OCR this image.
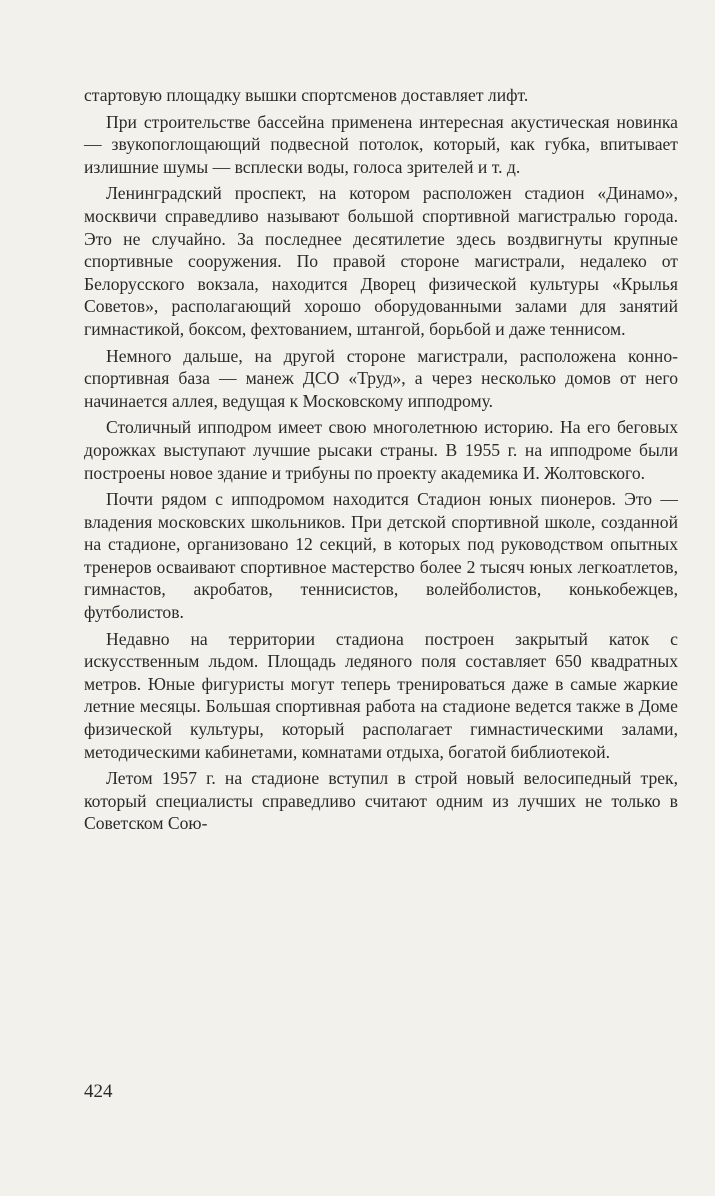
стартовую площадку вышки спортсменов доставляет лифт.

При строительстве бассейна применена интересная акустическая новинка — звукопоглощающий подвесной потолок, который, как губка, впитывает излишние шумы — всплески воды, голоса зрителей и т. д.

Ленинградский проспект, на котором расположен стадион «Динамо», москвичи справедливо называют большой спортивной магистралью города. Это не случайно. За последнее десятилетие здесь воздвигнуты крупные спортивные сооружения. По правой стороне магистрали, недалеко от Белорусского вокзала, находится Дворец физической культуры «Крылья Советов», располагающий хорошо оборудованными залами для занятий гимнастикой, боксом, фехтованием, штангой, борьбой и даже теннисом.

Немного дальше, на другой стороне магистрали, расположена конно-спортивная база — манеж ДСО «Труд», а через несколько домов от него начинается аллея, ведущая к Московскому ипподрому.

Столичный ипподром имеет свою многолетнюю историю. На его беговых дорожках выступают лучшие рысаки страны. В 1955 г. на ипподроме были построены новое здание и трибуны по проекту академика И. Жолтовского.

Почти рядом с ипподромом находится Стадион юных пионеров. Это — владения московских школьников. При детской спортивной школе, созданной на стадионе, организовано 12 секций, в которых под руководством опытных тренеров осваивают спортивное мастерство более 2 тысяч юных легкоатлетов, гимнастов, акробатов, теннисистов, волейболистов, конькобежцев, футболистов.

Недавно на территории стадиона построен закрытый каток с искусственным льдом. Площадь ледяного поля составляет 650 квадратных метров. Юные фигуристы могут теперь тренироваться даже в самые жаркие летние месяцы. Большая спортивная работа на стадионе ведется также в Доме физической культуры, который располагает гимнастическими залами, методическими кабинетами, комнатами отдыха, богатой библиотекой.

Летом 1957 г. на стадионе вступил в строй новый велосипедный трек, который специалисты справедливо считают одним из лучших не только в Советском Сою-

424
